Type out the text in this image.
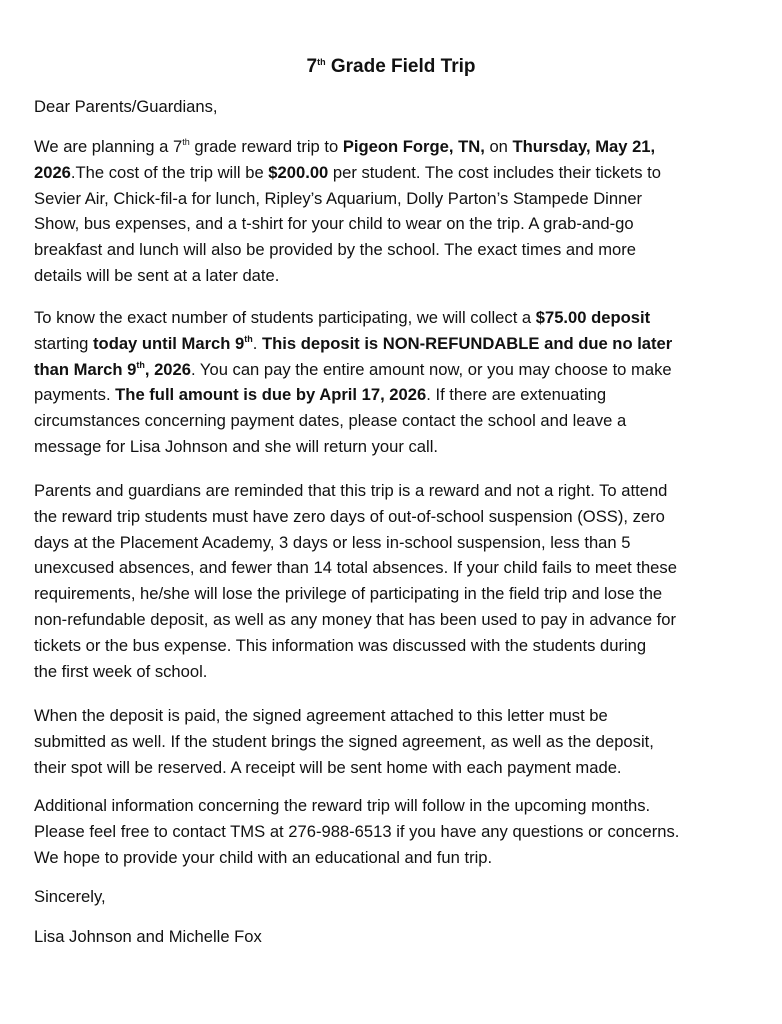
7th Grade Field Trip

Dear Parents/Guardians,

We are planning a 7th grade reward trip to Pigeon Forge, TN, on Thursday, May 21,
2026.The cost of the trip will be $200.00 per student. The cost includes their tickets to
Sevier Air, Chick-fil-a for lunch, Ripley’s Aquarium, Dolly Parton’s Stampede Dinner
Show, bus expenses, and a t-shirt for your child to wear on the trip. A grab-and-go
breakfast and lunch will also be provided by the school. The exact times and more
details will be sent at a later date.

To know the exact number of students participating, we will collect a $75.00 deposit
starting today until March 9th. This deposit is NON-REFUNDABLE and due no later
than March 9th, 2026. You can pay the entire amount now, or you may choose to make
payments. The full amount is due by April 17, 2026. If there are extenuating
circumstances concerning payment dates, please contact the school and leave a
message for Lisa Johnson and she will return your call.

Parents and guardians are reminded that this trip is a reward and not a right. To attend
the reward trip students must have zero days of out-of-school suspension (OSS), zero
days at the Placement Academy, 3 days or less in-school suspension, less than 5
unexcused absences, and fewer than 14 total absences. If your child fails to meet these
requirements, he/she will lose the privilege of participating in the field trip and lose the
non-refundable deposit, as well as any money that has been used to pay in advance for
tickets or the bus expense. This information was discussed with the students during
the first week of school.

When the deposit is paid, the signed agreement attached to this letter must be
submitted as well. If the student brings the signed agreement, as well as the deposit,
their spot will be reserved. A receipt will be sent home with each payment made.

Additional information concerning the reward trip will follow in the upcoming months.
Please feel free to contact TMS at 276-988-6513 if you have any questions or concerns.
We hope to provide your child with an educational and fun trip.

Sincerely,

Lisa Johnson and Michelle Fox
